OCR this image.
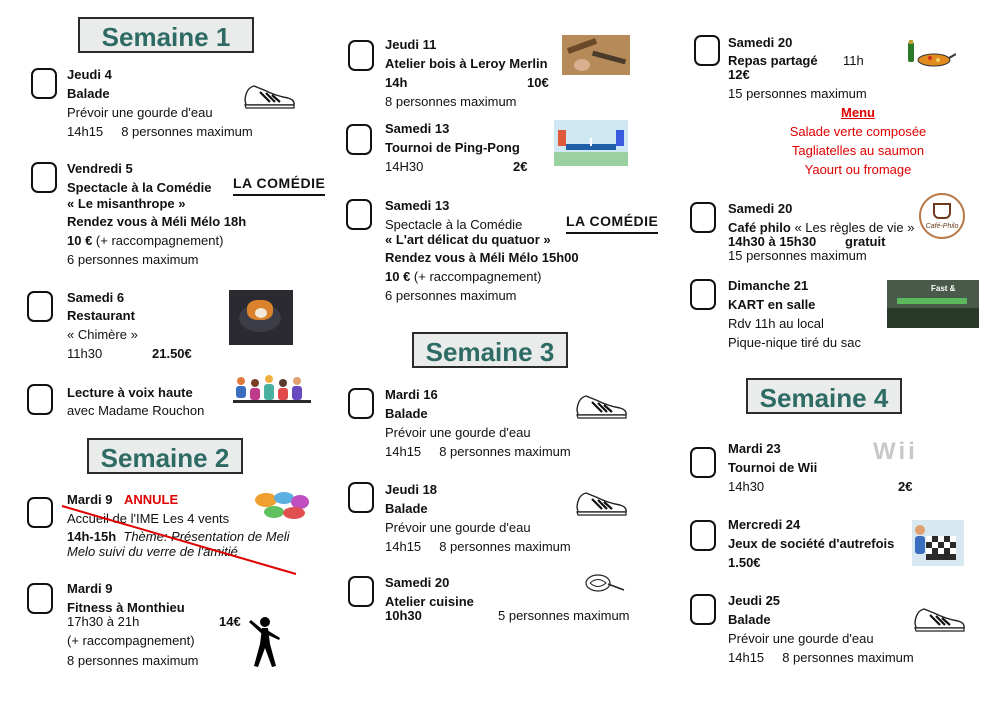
Semaine 1
Jeudi 4
Balade
Prévoir une gourde d'eau
14h15     8 personnes maximum
Vendredi 5
Spectacle à la Comédie
« Le misanthrope »
Rendez vous à Méli Mélo 18h
10 € (+ raccompagnement)
6 personnes maximum
LA COMÉDIE
Samedi 6
Restaurant
« Chimère »
11h30	21.50€
Lecture à voix haute
avec Madame Rouchon
Semaine 2
Mardi 9 ANNULE
Accueil de l'IME Les 4 vents
14h-15h Thème: Présentation de Meli
Melo suivi du verre de l'amitié
Mardi 9
Fitness à Monthieu
17h30 à 21h	14€
(+ raccompagnement)
8 personnes maximum
Jeudi 11
Atelier bois à Leroy Merlin
14h	10€
8 personnes maximum
Samedi 13
Tournoi de Ping-Pong
14H30	2€
Samedi 13
Spectacle à la Comédie
« L'art délicat du quatuor »
Rendez vous à Méli Mélo 15h00
10 € (+ raccompagnement)
6 personnes maximum
LA COMÉDIE
Semaine 3
Mardi 16
Balade
Prévoir une gourde d'eau
14h15     8 personnes maximum
Jeudi 18
Balade
Prévoir une gourde d'eau
14h15     8 personnes maximum
Samedi 20
Atelier cuisine
10h30	5 personnes maximum
Samedi 20
Repas partagé 11h
12€
15 personnes maximum
Menu
Salade verte composée
Tagliatelles au saumon
Yaourt ou fromage
Samedi 20
Café philo « Les règles de vie »
14h30 à 15h30 gratuit
15 personnes maximum
Café-Philo
Dimanche 21
KART en salle
Rdv 11h au local
Pique-nique tiré du sac
Fast &
Semaine 4
Mardi 23
Tournoi de Wii
14h30	2€
Wii
Mercredi 24
Jeux de société d'autrefois
1.50€
Jeudi 25
Balade
Prévoir une gourde d'eau
14h15     8 personnes maximum
